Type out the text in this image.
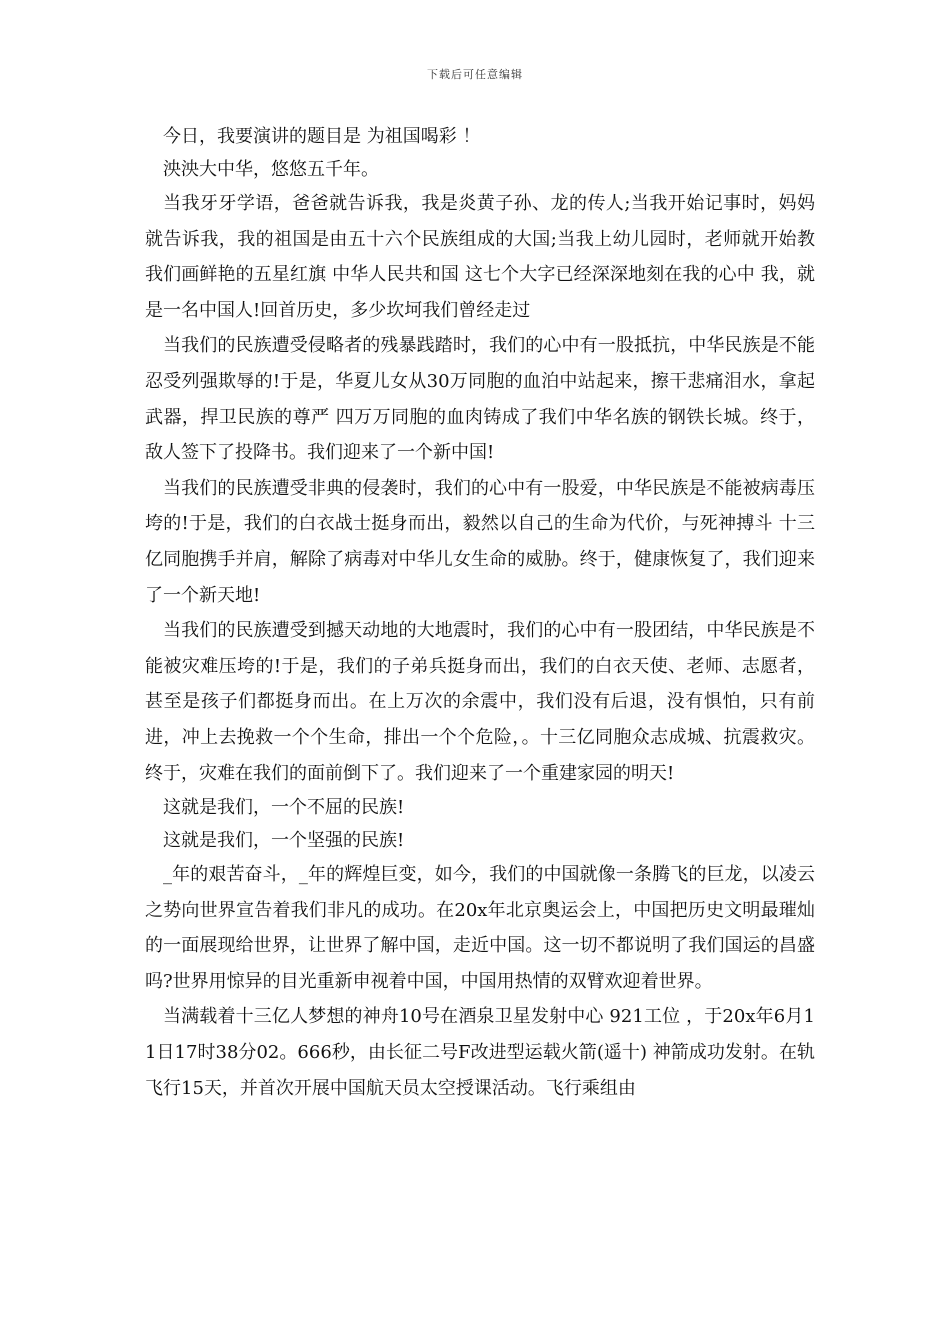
下载后可任意编辑

今日，我要演讲的题目是 为祖国喝彩 ！

泱泱大中华，悠悠五千年。

当我牙牙学语，爸爸就告诉我，我是炎黄子孙、龙的传人;当我开始记事时，妈妈就告诉我，我的祖国是由五十六个民族组成的大国;当我上幼儿园时，老师就开始教我们画鲜艳的五星红旗 中华人民共和国 这七个大字已经深深地刻在我的心中 我，就是一名中国人!回首历史，多少坎坷我们曾经走过

当我们的民族遭受侵略者的残暴践踏时，我们的心中有一股抵抗，中华民族是不能忍受列强欺辱的!于是，华夏儿女从30万同胞的血泊中站起来，擦干悲痛泪水，拿起武器，捍卫民族的尊严 四万万同胞的血肉铸成了我们中华名族的钢铁长城。终于，敌人签下了投降书。我们迎来了一个新中国!

当我们的民族遭受非典的侵袭时，我们的心中有一股爱，中华民族是不能被病毒压垮的!于是，我们的白衣战士挺身而出，毅然以自己的生命为代价，与死神搏斗 十三亿同胞携手并肩，解除了病毒对中华儿女生命的威胁。终于，健康恢复了，我们迎来了一个新天地!

当我们的民族遭受到撼天动地的大地震时，我们的心中有一股团结，中华民族是不能被灾难压垮的!于是，我们的子弟兵挺身而出，我们的白衣天使、老师、志愿者，甚至是孩子们都挺身而出。在上万次的余震中，我们没有后退，没有惧怕，只有前进，冲上去挽救一个个生命，排出一个个危险，。十三亿同胞众志成城、抗震救灾。终于，灾难在我们的面前倒下了。我们迎来了一个重建家园的明天!

这就是我们，一个不屈的民族!

这就是我们，一个坚强的民族!

_年的艰苦奋斗，_年的辉煌巨变，如今，我们的中国就像一条腾飞的巨龙，以凌云之势向世界宣告着我们非凡的成功。在20x年北京奥运会上，中国把历史文明最璀灿的一面展现给世界，让世界了解中国，走近中国。这一切不都说明了我们国运的昌盛吗?世界用惊异的目光重新申视着中国，中国用热情的双臂欢迎着世界。

当满载着十三亿人梦想的神舟10号在酒泉卫星发射中心 921工位 ，于20x年6月11日17时38分02。666秒，由长征二号F改进型运载火箭(遥十) 神箭成功发射。在轨飞行15天，并首次开展中国航天员太空授课活动。飞行乘组由
